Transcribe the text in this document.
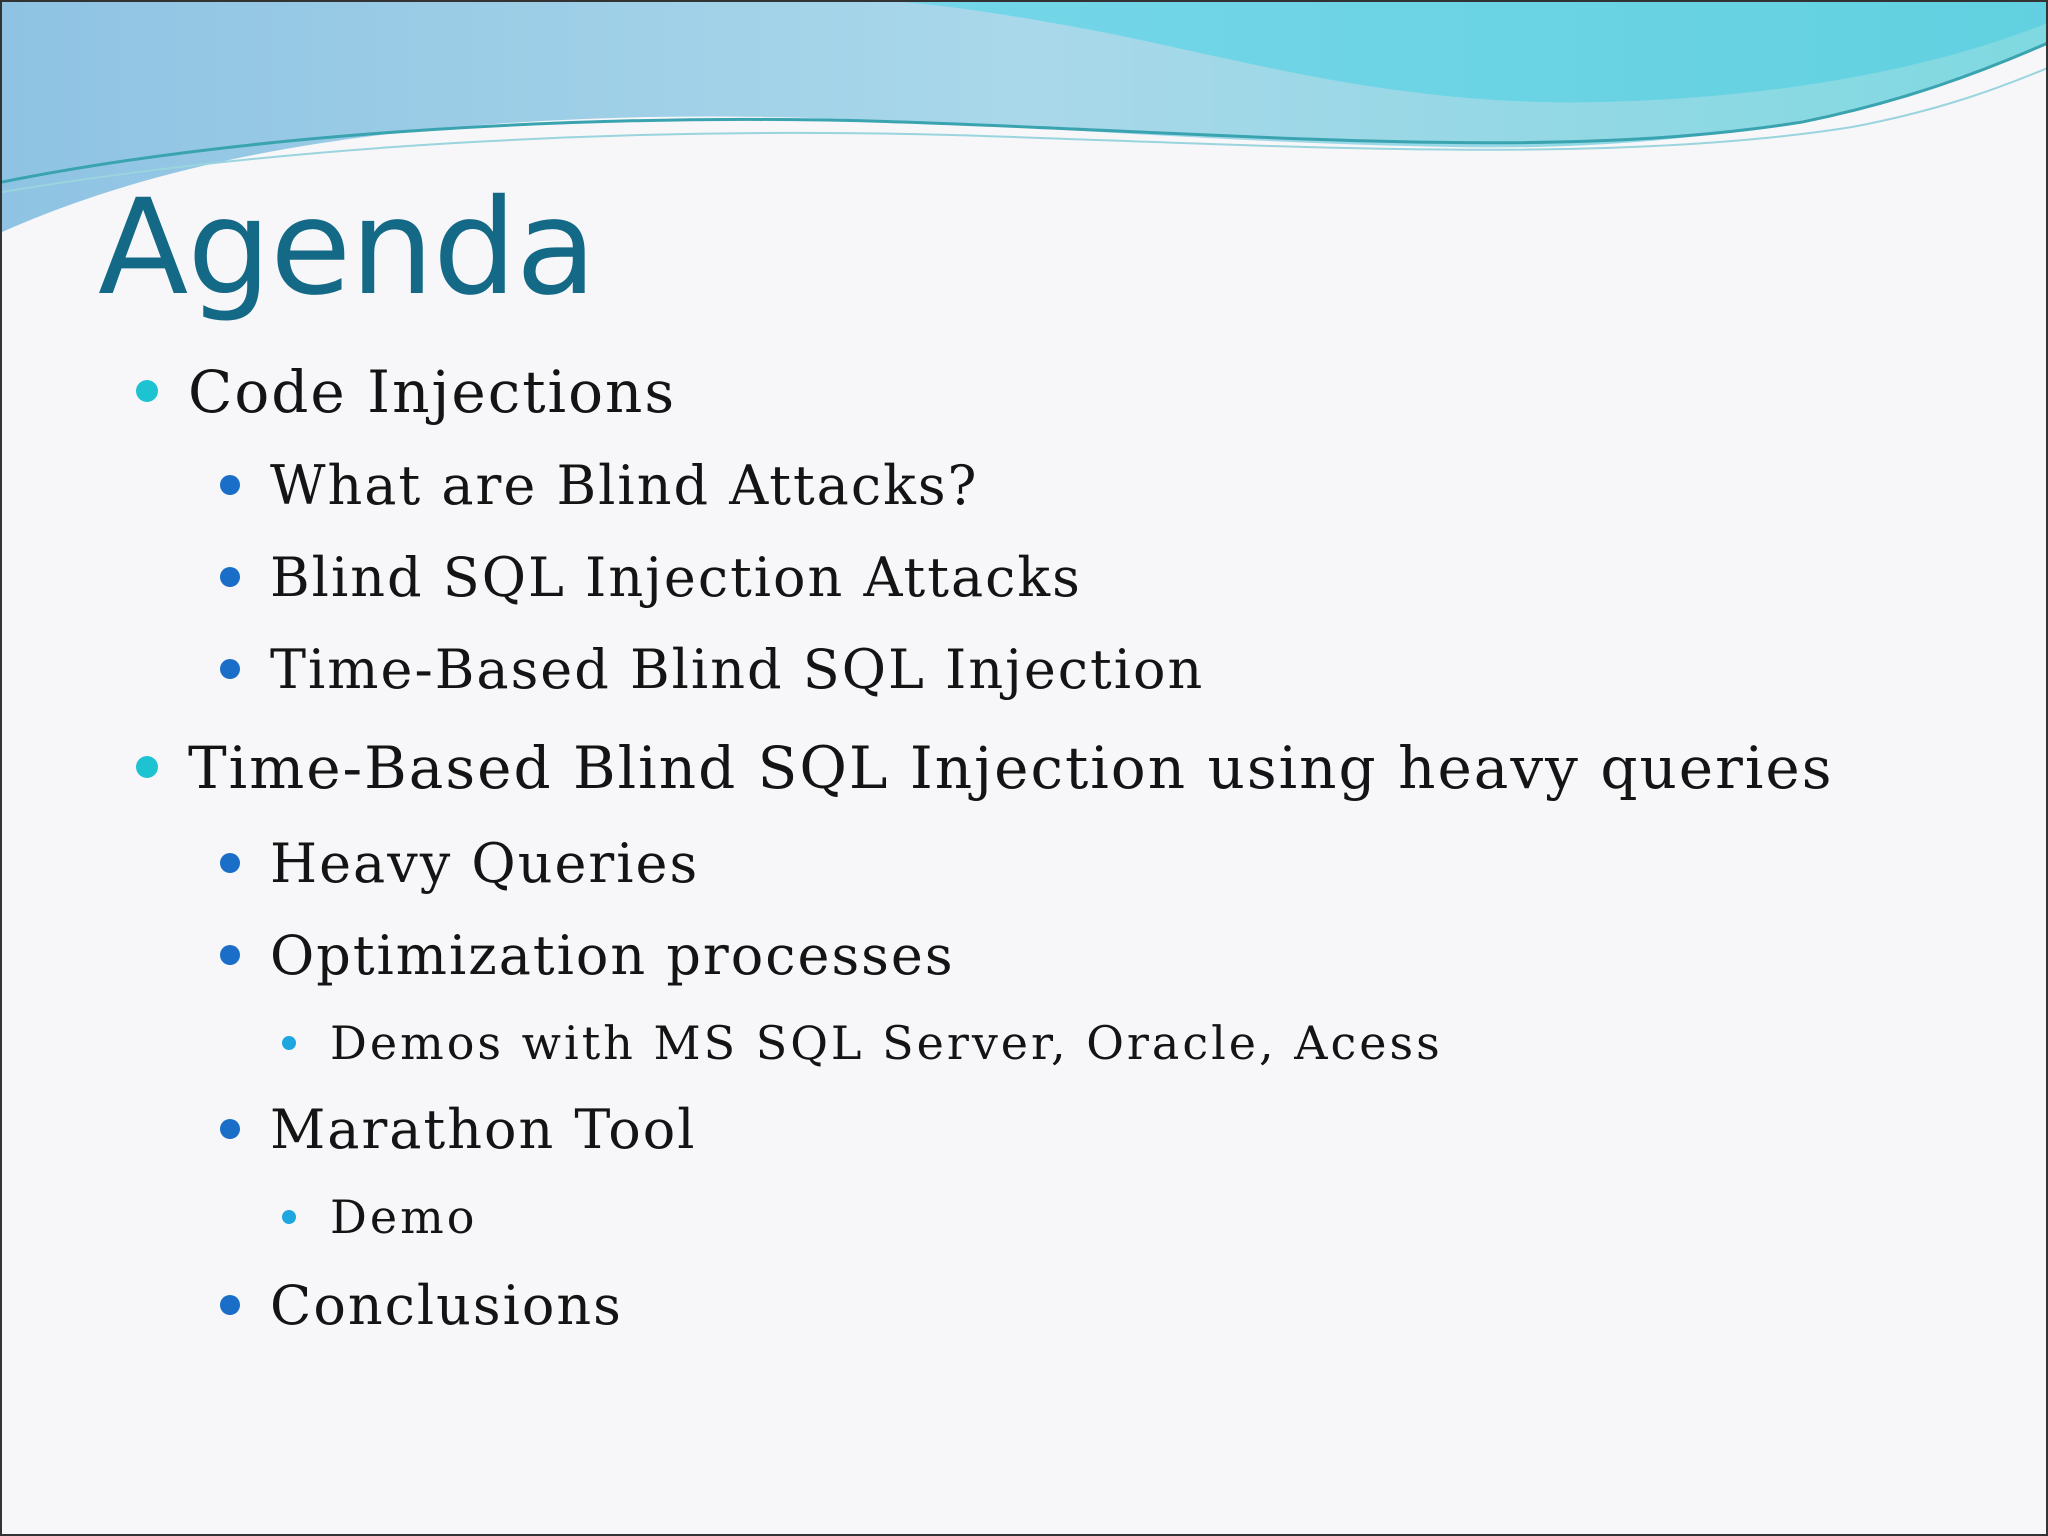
Agenda
Code Injections
What are Blind Attacks?
Blind SQL Injection Attacks
Time-Based Blind SQL Injection
Time-Based Blind SQL Injection using heavy queries
Heavy Queries
Optimization processes
Demos with MS SQL Server, Oracle, Acess
Marathon Tool
Demo
Conclusions
